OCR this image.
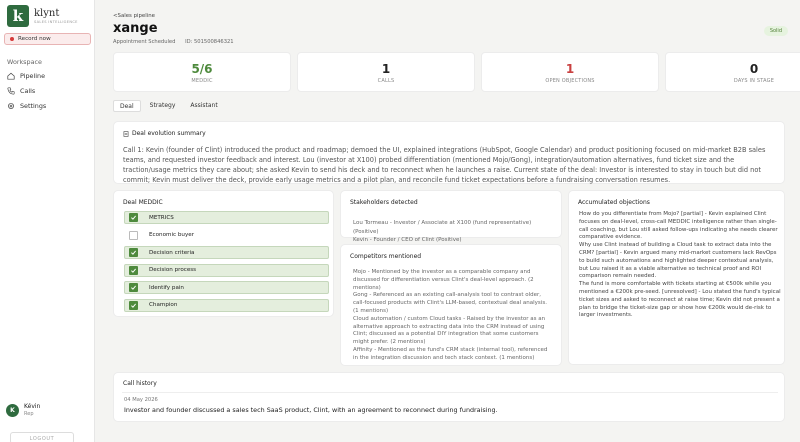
k	klynt
SALES INTELLIGENCE
Record now
Workspace
Pipeline
Calls
Settings
K	Kévin
Rep
LOGOUT
<Sales pipeline
xange
Appointment Scheduled ID: 501500846321
Solid
5/6
MEDDIC
1
CALLS
1
OPEN OBJECTIONS
0
DAYS IN STAGE
Deal	Strategy	Assistant
Deal evolution summary
Call 1: Kevin (founder of Clint) introduced the product and roadmap; demoed the UI, explained integrations (HubSpot, Google Calendar) and product positioning focused on mid-market B2B sales teams, and requested investor feedback and interest. Lou (investor at X100) probed differentiation (mentioned Mojo/Gong), integration/automation alternatives, fund ticket size and the traction/usage metrics they care about; she asked Kevin to send his deck and to reconnect when he launches a raise. Current state of the deal: Investor is interested to stay in touch but did not commit; Kevin must deliver the deck, provide early usage metrics and a pilot plan, and reconcile fund ticket expectations before a fundraising conversation resumes.
Deal MEDDIC
METRICS
Economic buyer
Decision criteria
Decision process
Identify pain
Champion
Stakeholders detected
Lou Tormeau - Investor / Associate at X100 (fund representative) (Positive)
Kevin - Founder / CEO of Clint (Positive)
Competitors mentioned
Mojo - Mentioned by the investor as a comparable company and discussed for differentiation versus Clint's deal-level approach. (2 mentions)
Gong - Referenced as an existing call-analysis tool to contrast older, call-focused products with Clint's LLM-based, contextual deal analysis. (1 mentions)
Cloud automation / custom Cloud tasks - Raised by the investor as an alternative approach to extracting data into the CRM instead of using Clint; discussed as a potential DIY integration that some customers might prefer. (2 mentions)
Affinity - Mentioned as the fund's CRM stack (internal tool), referenced in the integration discussion and tech stack context. (1 mentions)
Accumulated objections
How do you differentiate from Mojo? [partial] - Kevin explained Clint focuses on deal-level, cross-call MEDDIC intelligence rather than single-call coaching, but Lou still asked follow-ups indicating she needs clearer comparative evidence.
Why use Clint instead of building a Cloud task to extract data into the CRM? [partial] - Kevin argued many mid-market customers lack RevOps to build such automations and highlighted deeper contextual analysis, but Lou raised it as a viable alternative so technical proof and ROI comparison remain needed.
The fund is more comfortable with tickets starting at €500k while you mentioned a €200k pre-seed. [unresolved] - Lou stated the fund's typical ticket sizes and asked to reconnect at raise time; Kevin did not present a plan to bridge the ticket-size gap or show how €200k would de-risk to larger investments.
Call history
04 May 2026
Investor and founder discussed a sales tech SaaS product, Clint, with an agreement to reconnect during fundraising.
